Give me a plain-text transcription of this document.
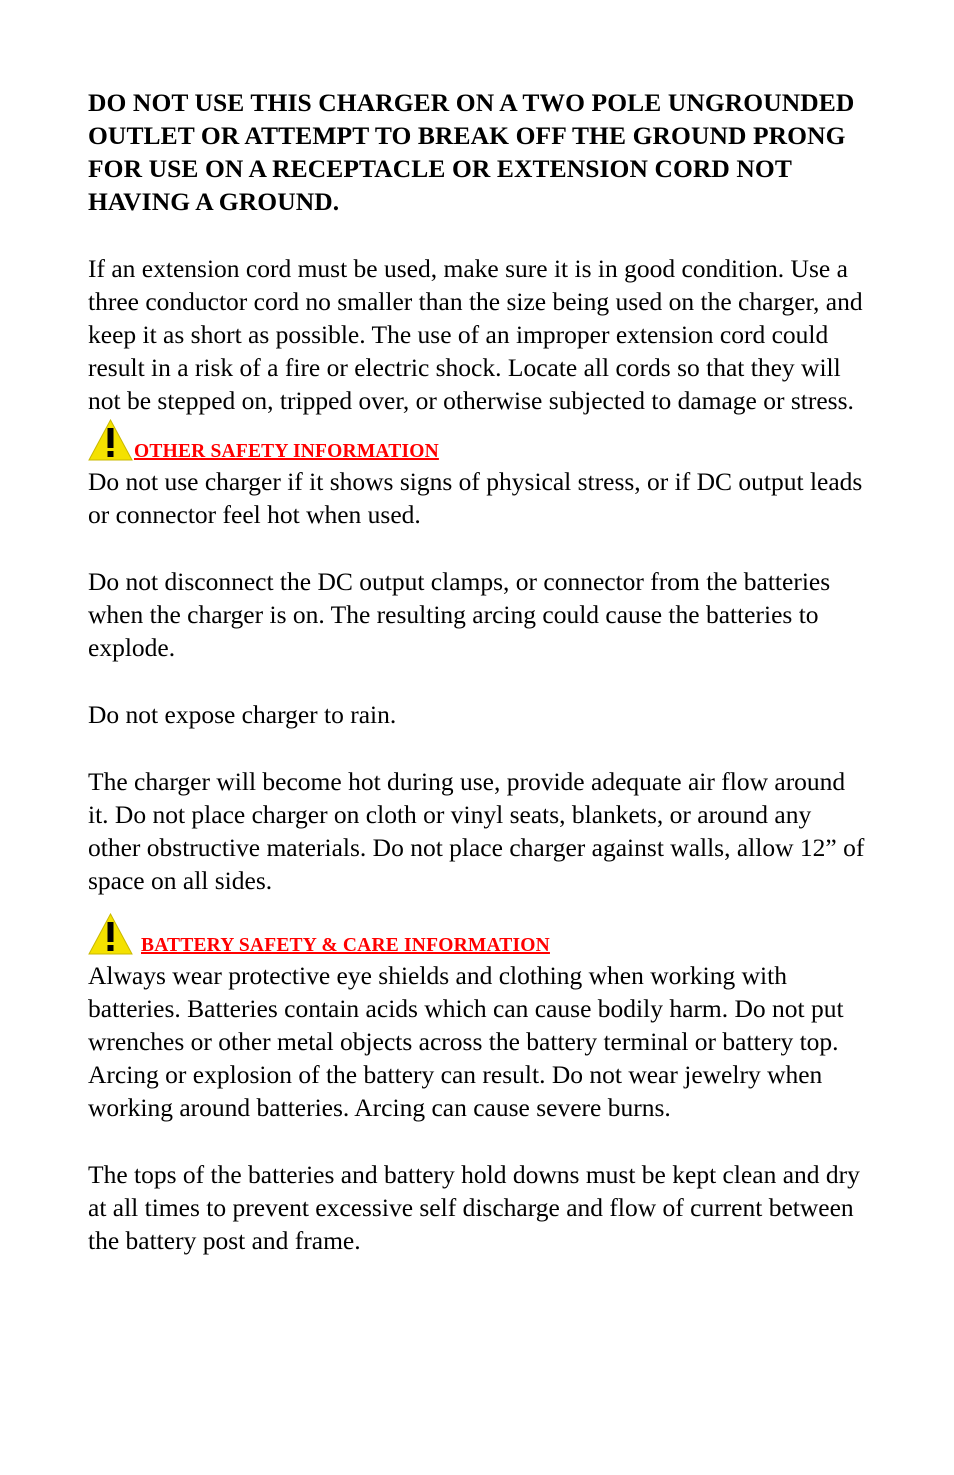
DO NOT USE THIS CHARGER ON A TWO POLE UNGROUNDED OUTLET OR ATTEMPT TO BREAK OFF THE GROUND PRONG FOR USE ON A RECEPTACLE OR EXTENSION CORD NOT HAVING A GROUND.

If an extension cord must be used, make sure it is in good condition. Use a three conductor cord no smaller than the size being used on the charger, and keep it as short as possible. The use of an improper extension cord could result in a risk of a fire or electric shock. Locate all cords so that they will not be stepped on, tripped over, or otherwise subjected to damage or stress.

OTHER SAFETY INFORMATION

Do not use charger if it shows signs of physical stress, or if DC output leads or connector feel hot when used.

Do not disconnect the DC output clamps, or connector from the batteries when the charger is on. The resulting arcing could cause the batteries to explode.

Do not expose charger to rain.

The charger will become hot during use, provide adequate air flow around it. Do not place charger on cloth or vinyl seats, blankets, or around any other obstructive materials. Do not place charger against walls, allow 12” of space on all sides.

BATTERY SAFETY & CARE INFORMATION

Always wear protective eye shields and clothing when working with batteries. Batteries contain acids which can cause bodily harm. Do not put wrenches or other metal objects across the battery terminal or battery top. Arcing or explosion of the battery can result. Do not wear jewelry when working around batteries. Arcing can cause severe burns.

The tops of the batteries and battery hold downs must be kept clean and dry at all times to prevent excessive self discharge and flow of current between the battery post and frame.
